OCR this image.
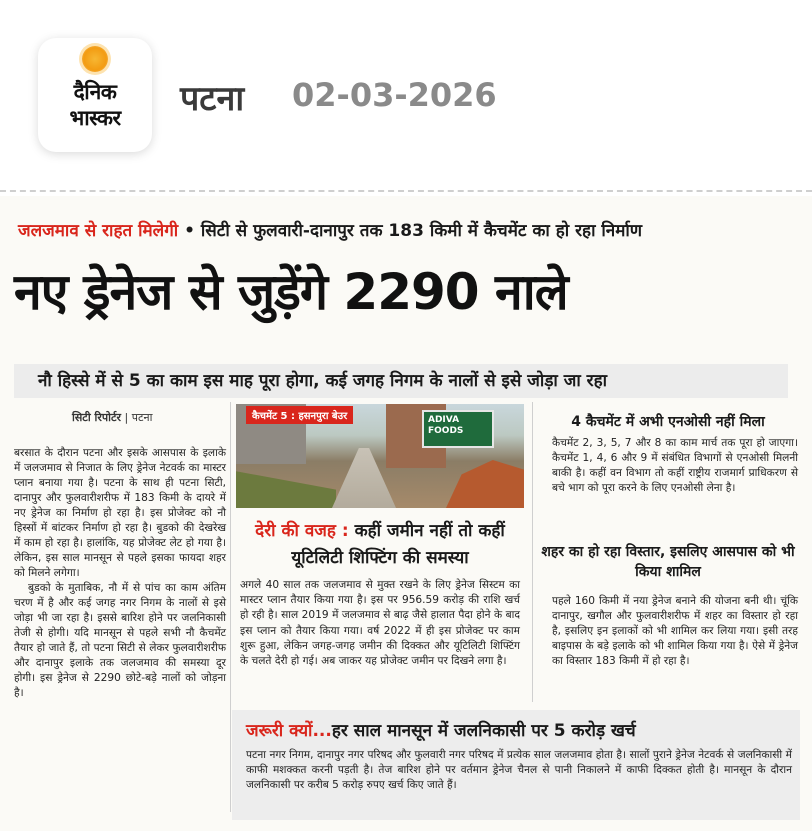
दैनिक
भास्कर	पटना 02-03-2026
जलजमाव से राहत मिलेगी • सिटी से फुलवारी-दानापुर तक 183 किमी में कैचमेंट का हो रहा निर्माण
नए ड्रेनेज से जुड़ेंगे 2290 नाले
नौ हिस्से में से 5 का काम इस माह पूरा होगा, कई जगह निगम के नालों से इसे जोड़ा जा रहा
सिटी रिपोर्टर | पटना

बरसात के दौरान पटना और इसके आसपास के इलाके में जलजमाव से निजात के लिए ड्रेनेज नेटवर्क का मास्टर प्लान बनाया गया है। पटना के साथ ही पटना सिटी, दानापुर और फुलवारीशरीफ में 183 किमी के दायरे में नए ड्रेनेज का निर्माण हो रहा है। इस प्रोजेक्ट को नौ हिस्सों में बांटकर निर्माण हो रहा है। बुडको की देखरेख में काम हो रहा है। हालांकि, यह प्रोजेक्ट लेट हो गया है। लेकिन, इस साल मानसून से पहले इसका फायदा शहर को मिलने लगेगा।

बुडको के मुताबिक, नौ में से पांच का काम अंतिम चरण में है और कई जगह नगर निगम के नालों से इसे जोड़ा भी जा रहा है। इससे बारिश होने पर जलनिकासी तेजी से होगी। यदि मानसून से पहले सभी नौ कैचमेंट तैयार हो जाते हैं, तो पटना सिटी से लेकर फुलवारीशरीफ और दानापुर इलाके तक जलजमाव की समस्या दूर होगी। इस ड्रेनेज से 2290 छोटे-बड़े नालों को जोड़ना है।

ADIVA FOODS
कैचमेंट 5 : हसनपुरा बेउर
देरी की वजह : कहीं जमीन नहीं तो कहीं यूटिलिटी शिफ्टिंग की समस्या
अगले 40 साल तक जलजमाव से मुक्त रखने के लिए ड्रेनेज सिस्टम का मास्टर प्लान तैयार किया गया है। इस पर 956.59 करोड़ की राशि खर्च हो रही है। साल 2019 में जलजमाव से बाढ़ जैसे हालात पैदा होने के बाद इस प्लान को तैयार किया गया। वर्ष 2022 में ही इस प्रोजेक्ट पर काम शुरू हुआ, लेकिन जगह-जगह जमीन की दिक्कत और यूटिलिटी शिफ्टिंग के चलते देरी हो गई। अब जाकर यह प्रोजेक्ट जमीन पर दिखने लगा है।
4 कैचमेंट में अभी एनओसी नहीं मिला
कैचमेंट 2, 3, 5, 7 और 8 का काम मार्च तक पूरा हो जाएगा। कैचमेंट 1, 4, 6 और 9 में संबंधित विभागों से एनओसी मिलनी बाकी है। कहीं वन विभाग तो कहीं राष्ट्रीय राजमार्ग प्राधिकरण से बचे भाग को पूरा करने के लिए एनओसी लेना है।
शहर का हो रहा विस्तार, इसलिए आसपास को भी किया शामिल
पहले 160 किमी में नया ड्रेनेज बनाने की योजना बनी थी। चूंकि दानापुर, खगौल और फुलवारीशरीफ में शहर का विस्तार हो रहा है, इसलिए इन इलाकों को भी शामिल कर लिया गया। इसी तरह बाइपास के बड़े इलाके को भी शामिल किया गया है। ऐसे में ड्रेनेज का विस्तार 183 किमी में हो रहा है।
जरूरी क्यों...हर साल मानसून में जलनिकासी पर 5 करोड़ खर्च
पटना नगर निगम, दानापुर नगर परिषद और फुलवारी नगर परिषद में प्रत्येक साल जलजमाव होता है। सालों पुराने ड्रेनेज नेटवर्क से जलनिकासी में काफी मशक्कत करनी पड़ती है। तेज बारिश होने पर वर्तमान ड्रेनेज चैनल से पानी निकालने में काफी दिक्कत होती है। मानसून के दौरान जलनिकासी पर करीब 5 करोड़ रुपए खर्च किए जाते हैं।
